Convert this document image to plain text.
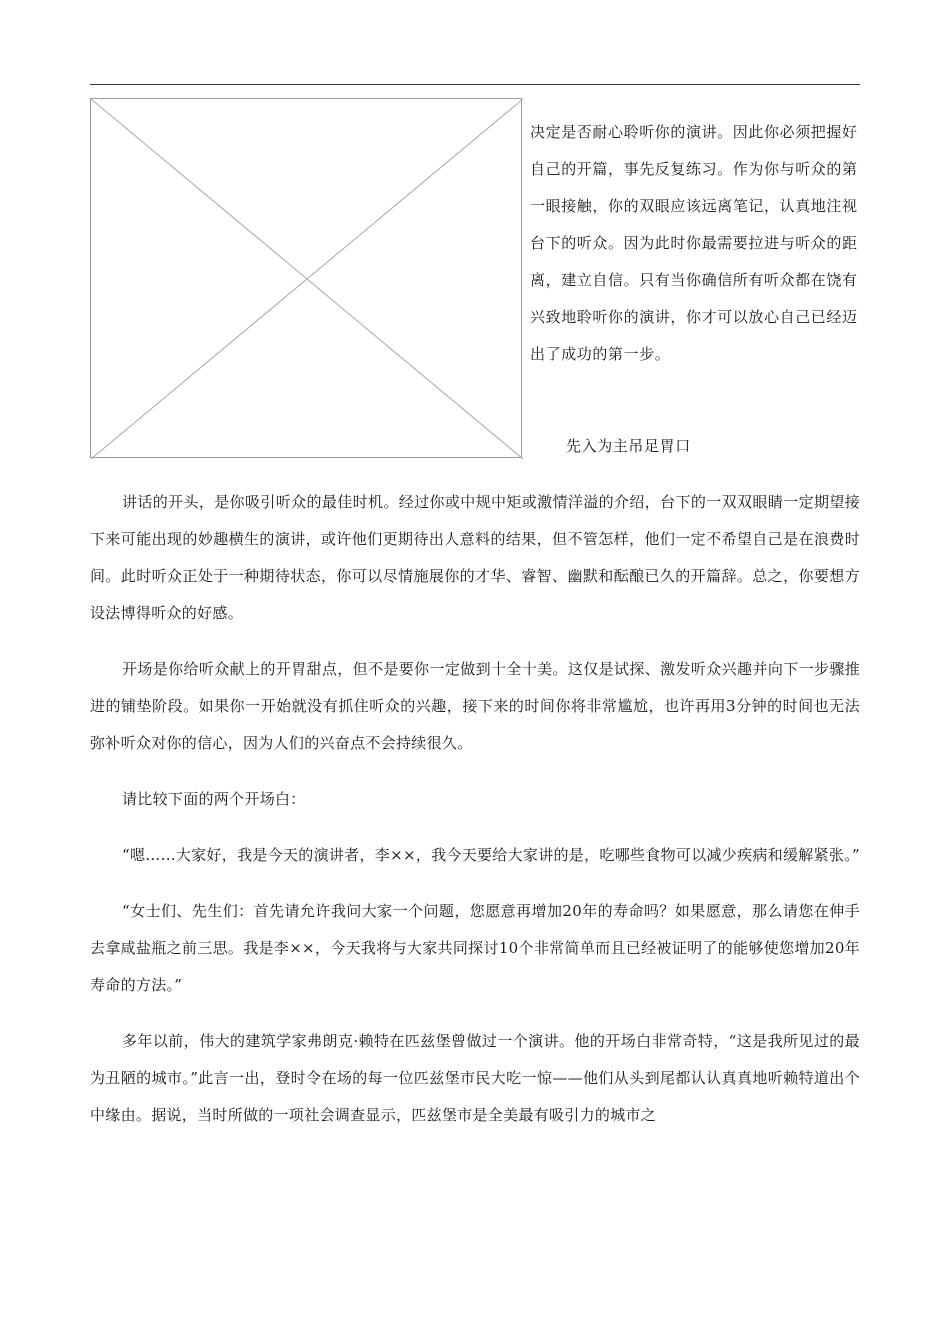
决定是否耐心聆听你的演讲。因此你必须把握好自己的开篇，事先反复练习。作为你与听众的第一眼接触，你的双眼应该远离笔记，认真地注视台下的听众。因为此时你最需要拉进与听众的距离，建立自信。只有当你确信所有听众都在饶有兴致地聆听你的演讲，你才可以放心自己已经迈出了成功的第一步。

先入为主吊足胃口

讲话的开头，是你吸引听众的最佳时机。经过你或中规中矩或激情洋溢的介绍，台下的一双双眼睛一定期望接下来可能出现的妙趣横生的演讲，或许他们更期待出人意料的结果，但不管怎样，他们一定不希望自己是在浪费时间。此时听众正处于一种期待状态，你可以尽情施展你的才华、睿智、幽默和酝酿已久的开篇辞。总之，你要想方设法博得听众的好感。

开场是你给听众献上的开胃甜点，但不是要你一定做到十全十美。这仅是试探、激发听众兴趣并向下一步骤推进的铺垫阶段。如果你一开始就没有抓住听众的兴趣，接下来的时间你将非常尴尬，也许再用3分钟的时间也无法弥补听众对你的信心，因为人们的兴奋点不会持续很久。

请比较下面的两个开场白：

“嗯……大家好，我是今天的演讲者，李××，我今天要给大家讲的是，吃哪些食物可以减少疾病和缓解紧张。”

“女士们、先生们：首先请允许我问大家一个问题，您愿意再增加20年的寿命吗？如果愿意，那么请您在伸手去拿咸盐瓶之前三思。我是李××，今天我将与大家共同探讨10个非常简单而且已经被证明了的能够使您增加20年寿命的方法。”

多年以前，伟大的建筑学家弗朗克·赖特在匹兹堡曾做过一个演讲。他的开场白非常奇特，“这是我所见过的最为丑陋的城市。”此言一出，登时令在场的每一位匹兹堡市民大吃一惊——他们从头到尾都认认真真地听赖特道出个中缘由。据说，当时所做的一项社会调查显示，匹兹堡市是全美最有吸引力的城市之
